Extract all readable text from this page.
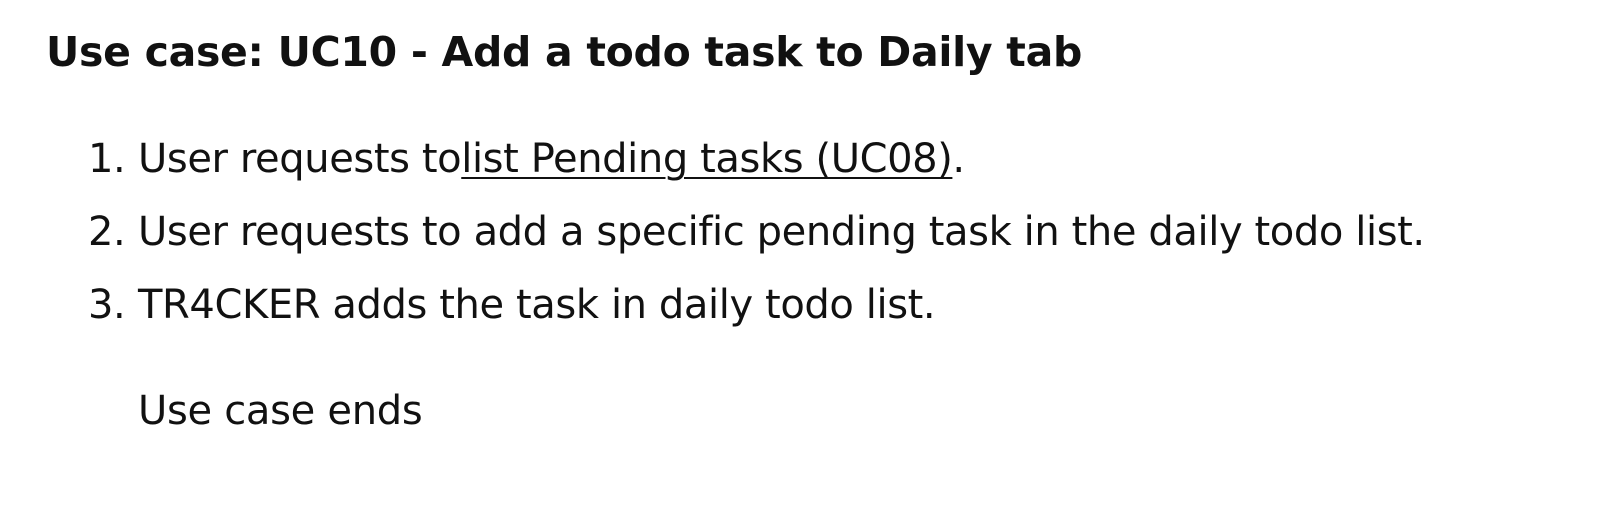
Use case: UC10 - Add a todo task to Daily tab
1. User requests to list Pending tasks (UC08) .
2. User requests to add a specific pending task in the daily todo list.
3. TR4CKER adds the task in daily todo list.

Use case ends
